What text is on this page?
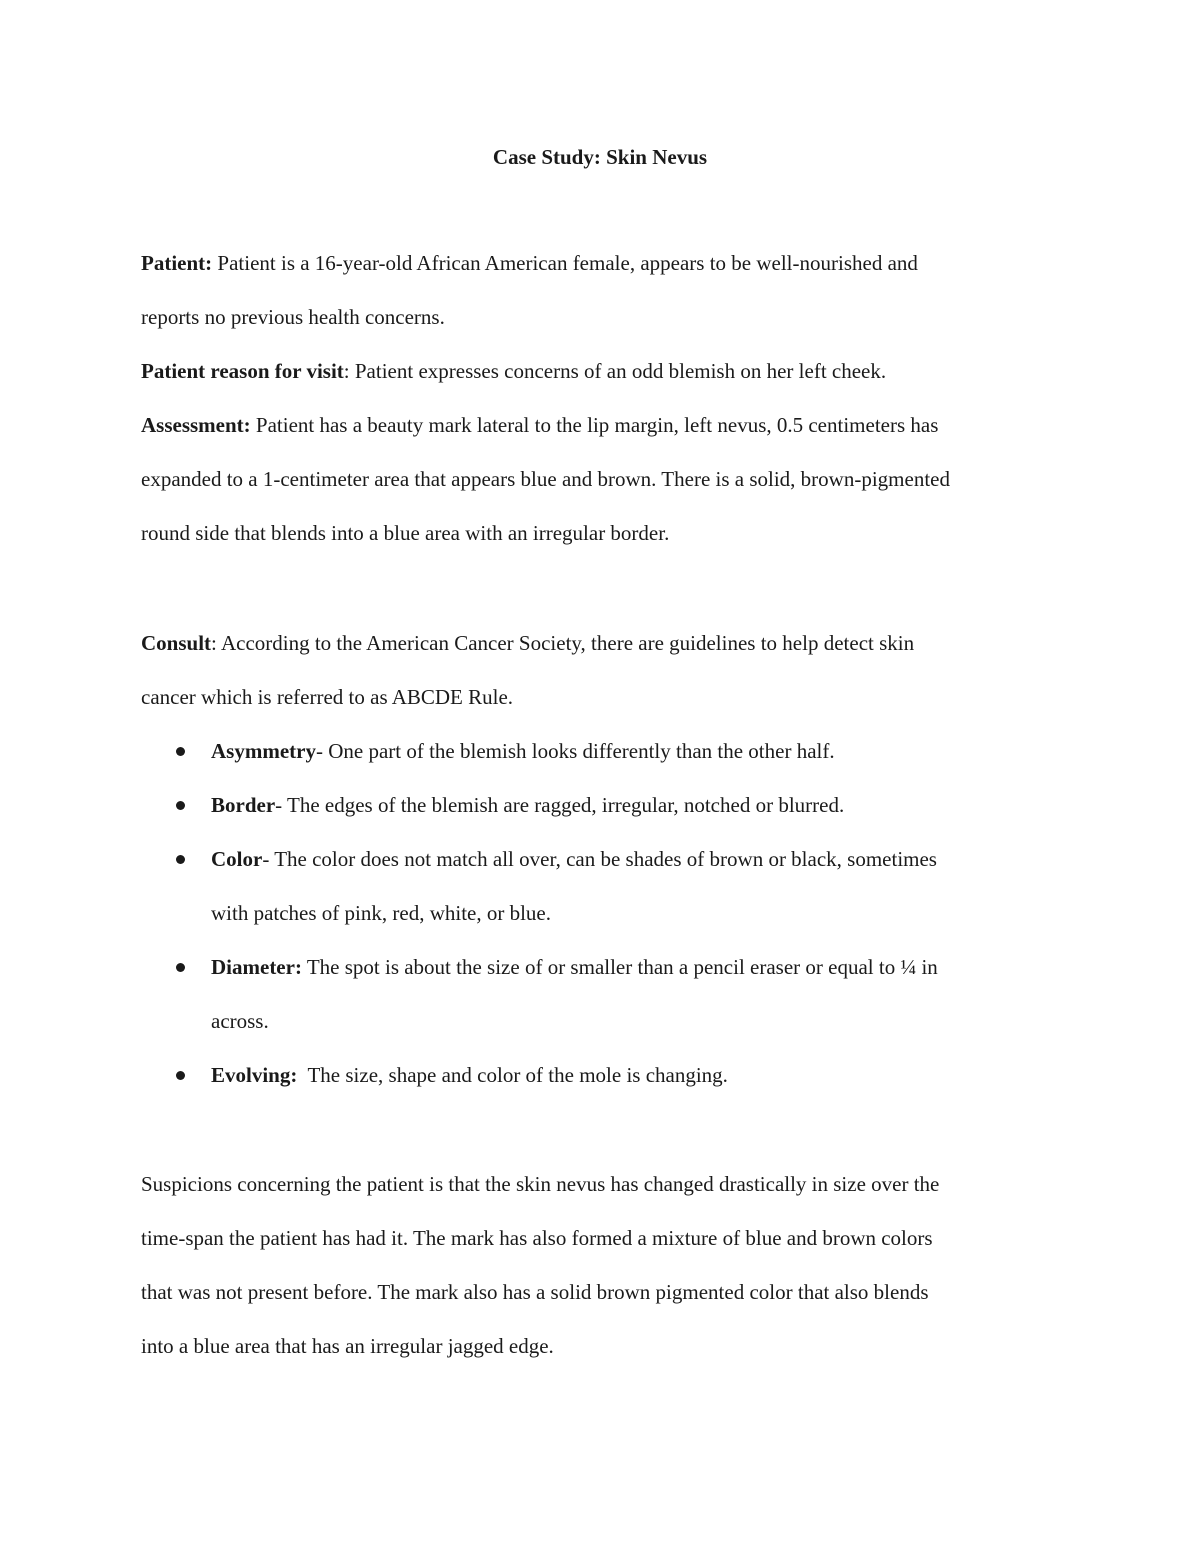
Case Study: Skin Nevus
Patient: Patient is a 16-year-old African American female, appears to be well-nourished and
reports no previous health concerns.
Patient reason for visit: Patient expresses concerns of an odd blemish on her left cheek.
Assessment: Patient has a beauty mark lateral to the lip margin, left nevus, 0.5 centimeters has
expanded to a 1-centimeter area that appears blue and brown. There is a solid, brown-pigmented
round side that blends into a blue area with an irregular border.
Consult: According to the American Cancer Society, there are guidelines to help detect skin
cancer which is referred to as ABCDE Rule.
Asymmetry- One part of the blemish looks differently than the other half.
Border- The edges of the blemish are ragged, irregular, notched or blurred.
Color- The color does not match all over, can be shades of brown or black, sometimes
with patches of pink, red, white, or blue.
Diameter: The spot is about the size of or smaller than a pencil eraser or equal to ¼ in
across.
Evolving:  The size, shape and color of the mole is changing.
Suspicions concerning the patient is that the skin nevus has changed drastically in size over the
time-span the patient has had it. The mark has also formed a mixture of blue and brown colors
that was not present before. The mark also has a solid brown pigmented color that also blends
into a blue area that has an irregular jagged edge.
